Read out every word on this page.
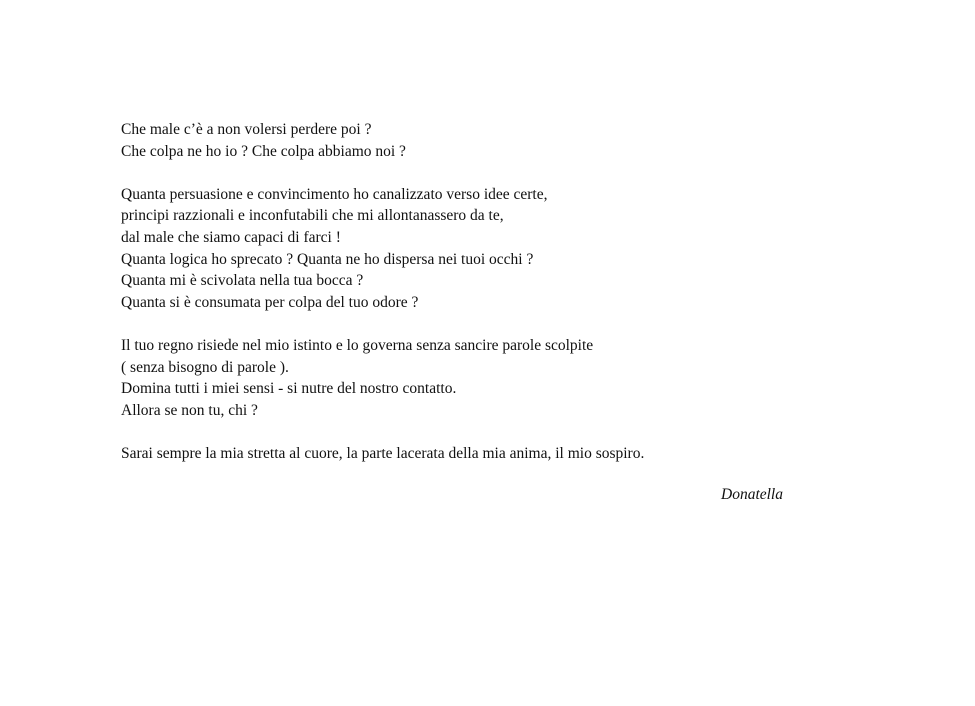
Che male c’è a non volersi perdere poi ?
Che colpa ne ho io ? Che colpa abbiamo noi ?
Quanta persuasione e convincimento ho canalizzato verso idee certe,
principi razzionali e inconfutabili che mi allontanassero da te,
dal male che siamo capaci di farci !
Quanta logica ho sprecato ? Quanta ne ho dispersa nei tuoi occhi ?
Quanta mi è scivolata nella tua bocca ?
Quanta si è consumata per colpa del tuo odore ?
Il tuo regno risiede nel mio istinto e lo governa senza sancire parole scolpite
( senza bisogno di parole ).
Domina tutti i miei sensi - si nutre del nostro contatto.
Allora se non tu, chi ?
Sarai sempre la mia stretta al cuore, la parte lacerata della mia anima, il mio sospiro.
Donatella
